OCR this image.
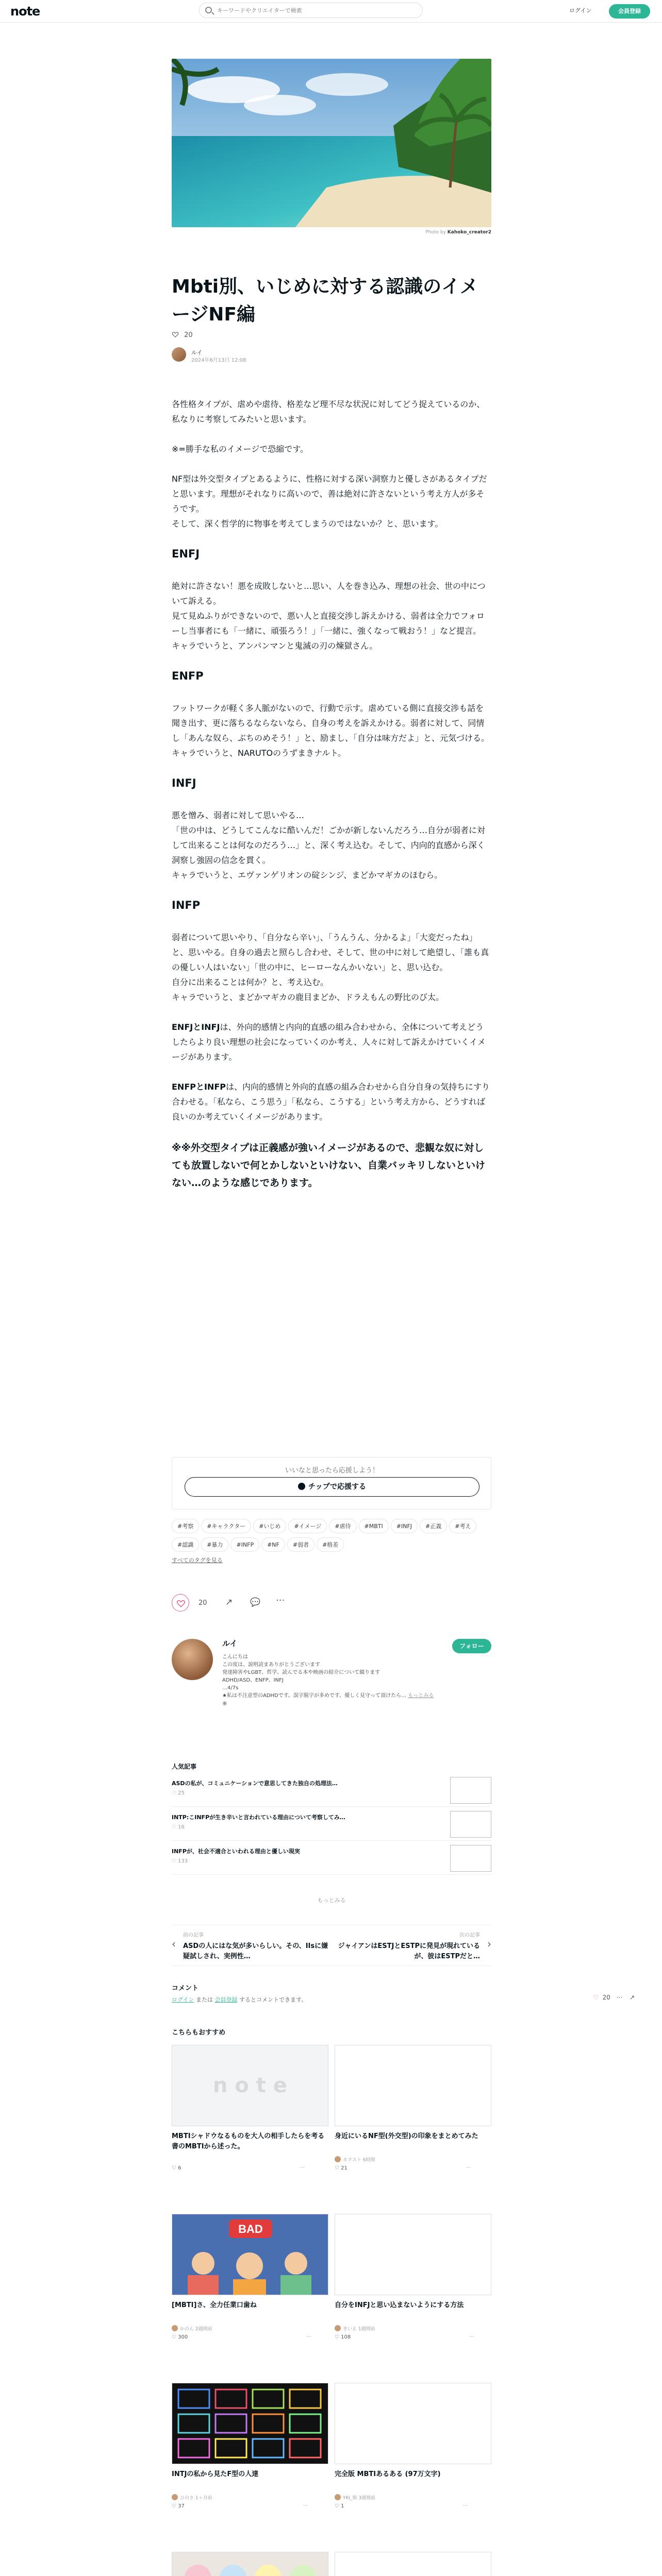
note
キーワードやクリエイターで検索	ログイン	会員登録
Photo by Kahoko_creator2
Mbti別、いじめに対する認識のイメージNF編
20
ルイ
2024年6月13日 12:08

各性格タイプが、虐めや虐待、格差など理不尽な状況に対してどう捉えているのか、私なりに考察してみたいと思います。

※=勝手な私のイメージで恐縮です。

NF型は外交型タイプとあるように、性格に対する深い洞察力と優しさがあるタイプだと思います。理想がそれなりに高いので、善は絶対に許さないという考え方人が多そうです。
そして、深く哲学的に物事を考えてしまうのではないか？と、思います。

ENFJ

絶対に許さない！悪を成敗しないと…思い、人を巻き込み、理想の社会、世の中について訴える。
見て見ぬふりができないので、悪い人と直接交渉し訴えかける、弱者は全力でフォローし当事者にも「一緒に、頑張ろう！」「一緒に、強くなって戦おう！」など提言。
キャラでいうと、アンパンマンと鬼滅の刃の煉獄さん。

ENFP

フットワークが軽く多人脈がないので、行動で示す。虐めている側に直接交渉も話を聞き出す、更に落ちるならないなら、自身の考えを訴えかける。弱者に対して、同情し「あんな奴ら、ぶちのめそう！」と、励まし、「自分は味方だよ」と、元気づける。
キャラでいうと、NARUTOのうずまきナルト。

INFJ

悪を憎み、弱者に対して思いやる…
「世の中は、どうしてこんなに酷いんだ！ごかが新しないんだろう…自分が弱者に対して出来ることは何なのだろう…」と、深く考え込む。そして、内向的直感から深く洞察し強固の信念を貫く。
キャラでいうと、エヴァンゲリオンの碇シンジ、まどかマギカのほむら。

INFP

弱者について思いやり、「自分なら辛い」、「うんうん、分かるよ」「大変だったね」と、思いやる。自身の過去と照らし合わせ、そして、世の中に対して絶望し、「誰も真の優しい人はいない」「世の中に、ヒーローなんかいない」と、思い込む。
自分に出来ることは何か？と、考え込む。
キャラでいうと、まどかマギカの鹿目まどか、ドラえもんの野比のび太。

ENFJとINFJは、外向的感情と内向的直感の組み合わせから、全体について考えどうしたらより良い理想の社会になっていくのか考え、人々に対して訴えかけていくイメージがあります。

ENFPとINFPは、内向的感情と外向的直感の組み合わせから自分自身の気持ちにすり合わせる。「私なら、こう思う」「私なら、こうする」という考え方から、どうすれば良いのか考えていくイメージがあります。

※※外交型タイプは正義感が強いイメージがあるので、悲観な奴に対しても放置しないで何とかしないといけない、自業バッキリしないといけない…のような感じであります。

いいなと思ったら応援しよう！
チップで応援する
#考察 #キャラクター #いじめ #イメージ #虐待 #MBTI #INFJ #正義 #考え#認識 #暴力 #INFP #NF #弱者 #格差
すべてのタグを見る
20 ↗ 💬 ···
ルイ
こんにちは
この度は、説明読まありがとうございます
発達障害やLGBT、哲学、読んでる本や映画の紹介について綴ります
ADHD/ASD、ENFP、INFJ
…4/7s
★私は不注意型のADHDです。誤字脱字が多めです。優しく見守って頂けたら… もっとみる
フォロー
◉
人気記事
ASDの私が、コミュニケーションで意思してきた独自の処理法…
♡ 25
INTP:こINFPが生き辛いと言われている理由について考察してみ…
♡ 16
INFPが、社会不適合といわれる理由と優しい現実
♡ 133
もっとみる
‹
前の記事
ASDの人にはな気が多いらしい。その、IIsに嫌疑試しされ、実例性…
次の記事
ジャイアンはESTJとESTPに発見が現れているが、彼はESTPだと…
›
コメント
ログイン または 会員登録 するとコメントできます。	♡ 20 ··· ↗
こちらもおすすめ
n o t e
MBTIシャドウなるものを大人の相手したらを考る書のMBTIから述った。
♡ 6	···
身近にいるNF型(外交型)の印象をまとめてみた
ネクスト 6時間
♡ 21	···
BAD
[MBTI]さ、全力任業口歯ね
かのん 2週間前
♡ 300	···
自分をINFJと思い込まないようにする方法
きいえ 1週間前
♡ 108	···
INTJの私から見たF型の人達
ひのさ 1ヶ月前
♡ 37	···
完全版 MBTIあるある (97万文字)
YKI_娘 3週間前
♡ 1	···
